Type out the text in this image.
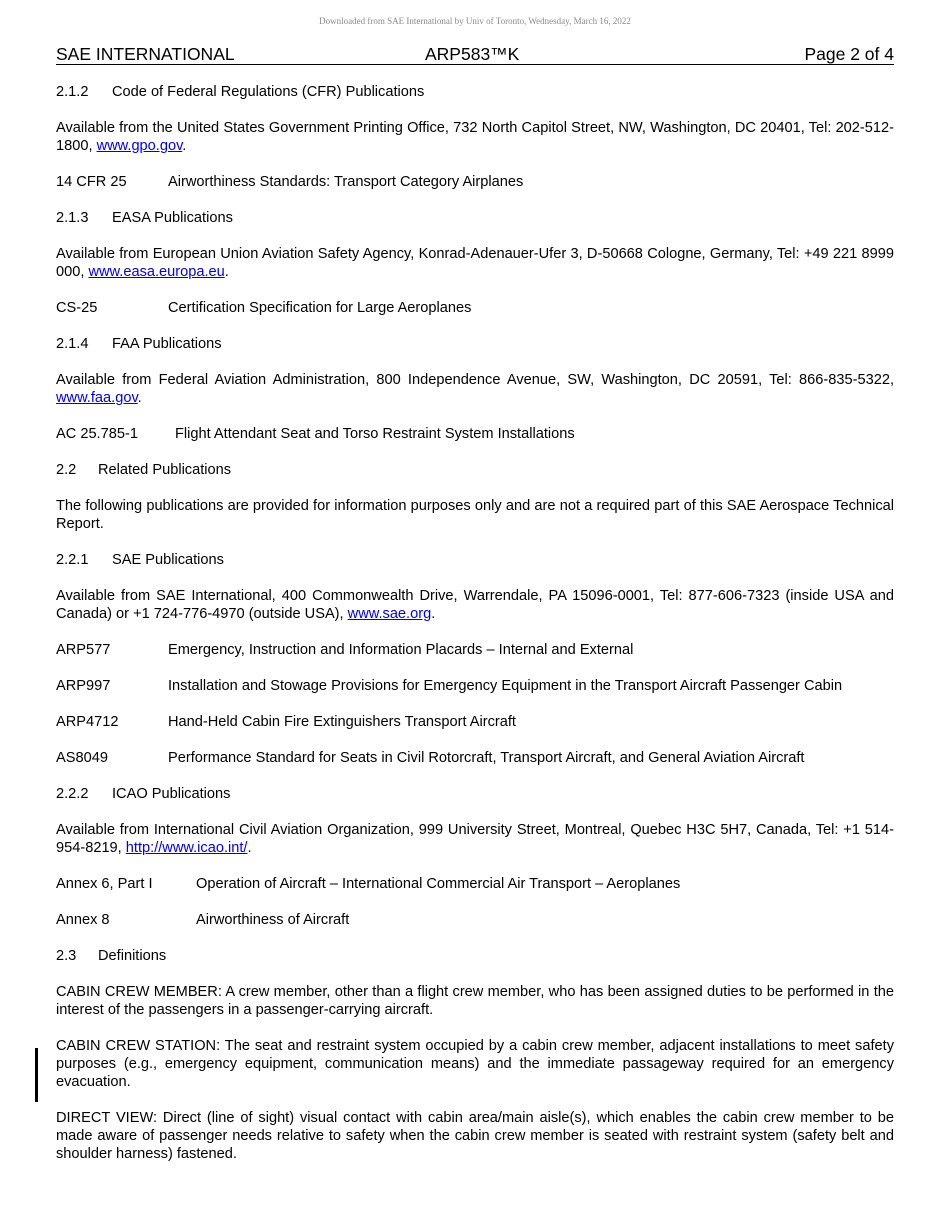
Downloaded from SAE International by Univ of Toronto, Wednesday, March 16, 2022
SAE INTERNATIONAL	ARP583™K	Page 2 of 4

2.1.2 Code of Federal Regulations (CFR) Publications

Available from the United States Government Printing Office, 732 North Capitol Street, NW, Washington, DC 20401, Tel: 202-512-1800, www.gpo.gov.

14 CFR 25	Airworthiness Standards: Transport Category Airplanes

2.1.3 EASA Publications

Available from European Union Aviation Safety Agency, Konrad-Adenauer-Ufer 3, D-50668 Cologne, Germany, Tel: +49 221 8999 000, www.easa.europa.eu.

CS-25	Certification Specification for Large Aeroplanes

2.1.4 FAA Publications

Available from Federal Aviation Administration, 800 Independence Avenue, SW, Washington, DC 20591, Tel: 866-835-5322, www.faa.gov.

AC 25.785-1	Flight Attendant Seat and Torso Restraint System Installations

2.2 Related Publications

The following publications are provided for information purposes only and are not a required part of this SAE Aerospace Technical Report.

2.2.1 SAE Publications

Available from SAE International, 400 Commonwealth Drive, Warrendale, PA 15096-0001, Tel: 877-606-7323 (inside USA and Canada) or +1 724-776-4970 (outside USA), www.sae.org.

ARP577	Emergency, Instruction and Information Placards – Internal and External

ARP997	Installation and Stowage Provisions for Emergency Equipment in the Transport Aircraft Passenger Cabin

ARP4712	Hand-Held Cabin Fire Extinguishers Transport Aircraft

AS8049	Performance Standard for Seats in Civil Rotorcraft, Transport Aircraft, and General Aviation Aircraft

2.2.2 ICAO Publications

Available from International Civil Aviation Organization, 999 University Street, Montreal, Quebec H3C 5H7, Canada, Tel: +1 514-954-8219, http://www.icao.int/.

Annex 6, Part I	Operation of Aircraft – International Commercial Air Transport – Aeroplanes

Annex 8	Airworthiness of Aircraft

2.3 Definitions

CABIN CREW MEMBER: A crew member, other than a flight crew member, who has been assigned duties to be performed in the interest of the passengers in a passenger-carrying aircraft.

CABIN CREW STATION: The seat and restraint system occupied by a cabin crew member, adjacent installations to meet safety purposes (e.g., emergency equipment, communication means) and the immediate passageway required for an emergency evacuation.

DIRECT VIEW: Direct (line of sight) visual contact with cabin area/main aisle(s), which enables the cabin crew member to be made aware of passenger needs relative to safety when the cabin crew member is seated with restraint system (safety belt and shoulder harness) fastened.
